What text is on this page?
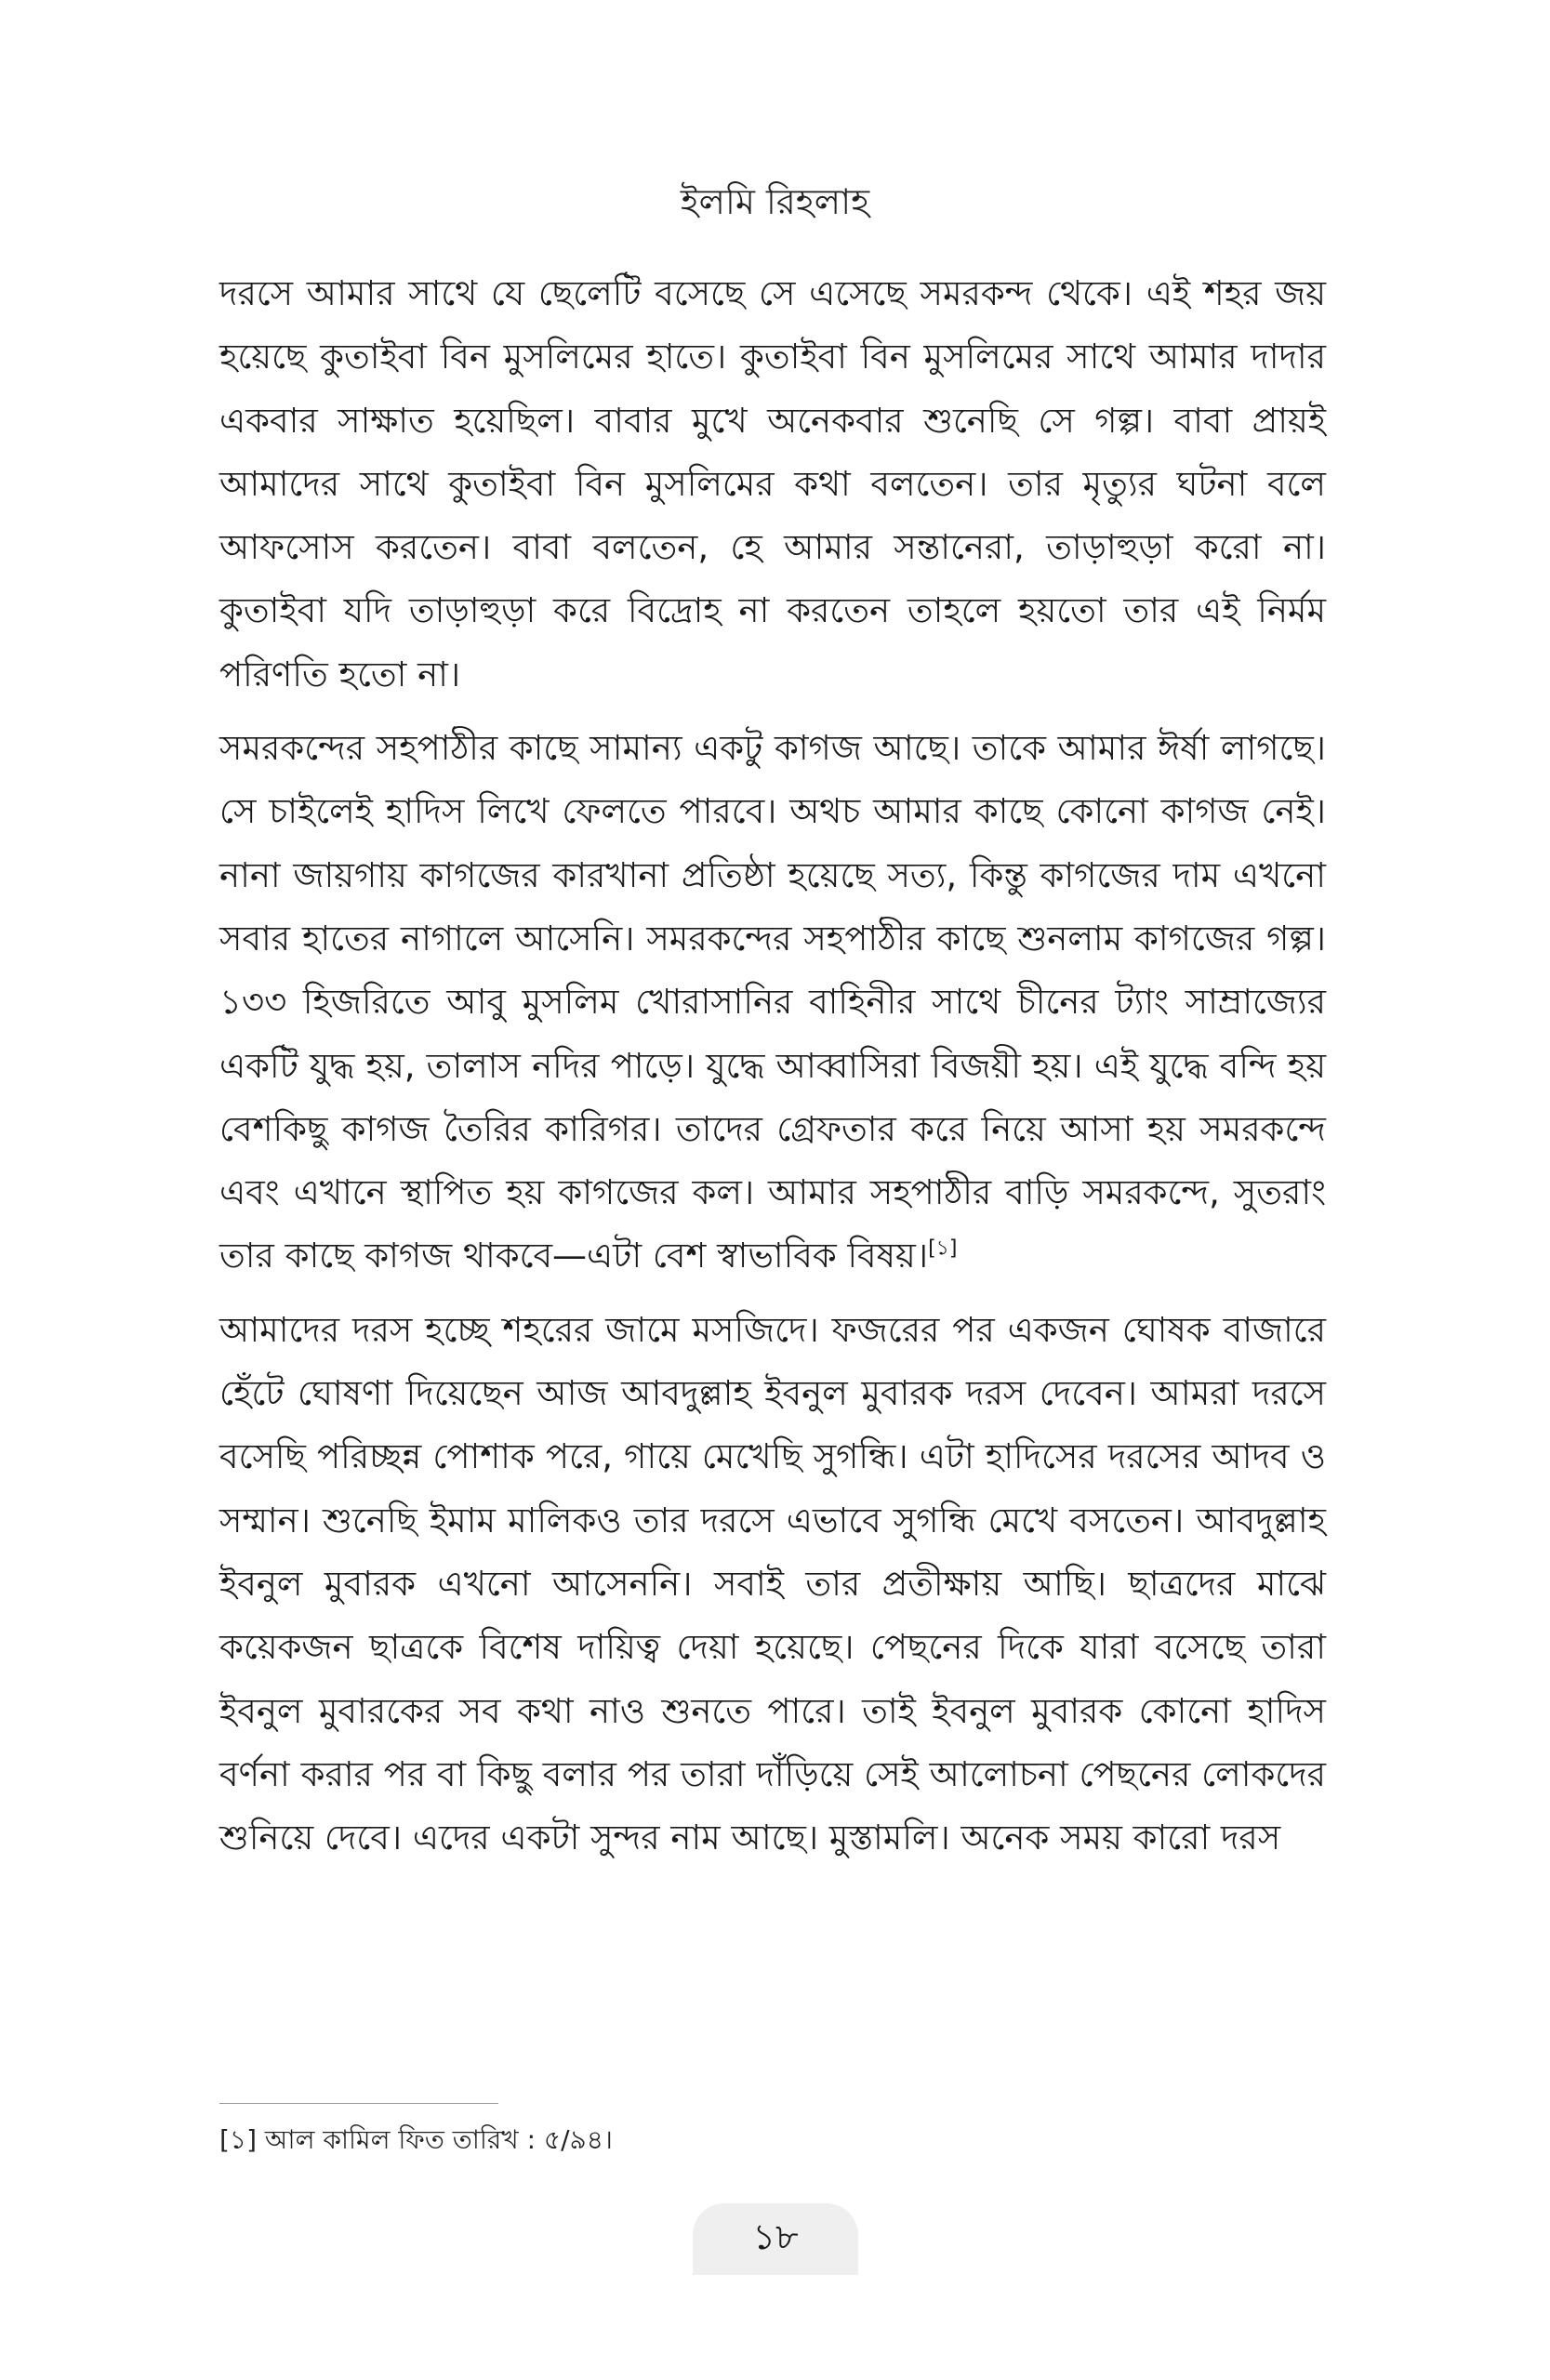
ইলমি রিহলাহ

দরসে আমার সাথে যে ছেলেটি বসেছে সে এসেছে সমরকন্দ থেকে। এই শহর জয় হয়েছে কুতাইবা বিন মুসলিমের হাতে। কুতাইবা বিন মুসলিমের সাথে আমার দাদার একবার সাক্ষাত হয়েছিল। বাবার মুখে অনেকবার শুনেছি সে গল্প। বাবা প্রায়ই আমাদের সাথে কুতাইবা বিন মুসলিমের কথা বলতেন। তার মৃত্যুর ঘটনা বলে আফসোস করতেন। বাবা বলতেন, হে আমার সন্তানেরা, তাড়াহুড়া করো না। কুতাইবা যদি তাড়াহুড়া করে বিদ্রোহ না করতেন তাহলে হয়তো তার এই নির্মম পরিণতি হতো না।

সমরকন্দের সহপাঠীর কাছে সামান্য একটু কাগজ আছে। তাকে আমার ঈর্ষা লাগছে। সে চাইলেই হাদিস লিখে ফেলতে পারবে। অথচ আমার কাছে কোনো কাগজ নেই। নানা জায়গায় কাগজের কারখানা প্রতিষ্ঠা হয়েছে সত্য, কিন্তু কাগজের দাম এখনো সবার হাতের নাগালে আসেনি। সমরকন্দের সহপাঠীর কাছে শুনলাম কাগজের গল্প। ১৩৩ হিজরিতে আবু মুসলিম খোরাসানির বাহিনীর সাথে চীনের ট্যাং সাম্রাজ্যের একটি যুদ্ধ হয়, তালাস নদির পাড়ে। যুদ্ধে আব্বাসিরা বিজয়ী হয়। এই যুদ্ধে বন্দি হয় বেশকিছু কাগজ তৈরির কারিগর। তাদের গ্রেফতার করে নিয়ে আসা হয় সমরকন্দে এবং এখানে স্থাপিত হয় কাগজের কল। আমার সহপাঠীর বাড়ি সমরকন্দে, সুতরাং তার কাছে কাগজ থাকবে—এটা বেশ স্বাভাবিক বিষয়।[১]

আমাদের দরস হচ্ছে শহরের জামে মসজিদে। ফজরের পর একজন ঘোষক বাজারে হেঁটে ঘোষণা দিয়েছেন আজ আবদুল্লাহ ইবনুল মুবারক দরস দেবেন। আমরা দরসে বসেছি পরিচ্ছন্ন পোশাক পরে, গায়ে মেখেছি সুগন্ধি। এটা হাদিসের দরসের আদব ও সম্মান। শুনেছি ইমাম মালিকও তার দরসে এভাবে সুগন্ধি মেখে বসতেন। আবদুল্লাহ ইবনুল মুবারক এখনো আসেননি। সবাই তার প্রতীক্ষায় আছি। ছাত্রদের মাঝে কয়েকজন ছাত্রকে বিশেষ দায়িত্ব দেয়া হয়েছে। পেছনের দিকে যারা বসেছে তারা ইবনুল মুবারকের সব কথা নাও শুনতে পারে। তাই ইবনুল মুবারক কোনো হাদিস বর্ণনা করার পর বা কিছু বলার পর তারা দাঁড়িয়ে সেই আলোচনা পেছনের লোকদের শুনিয়ে দেবে। এদের একটা সুন্দর নাম আছে। মুস্তামলি। অনেক সময় কারো দরস

[১] আল কামিল ফিত তারিখ : ৫/৯৪।
১৮
